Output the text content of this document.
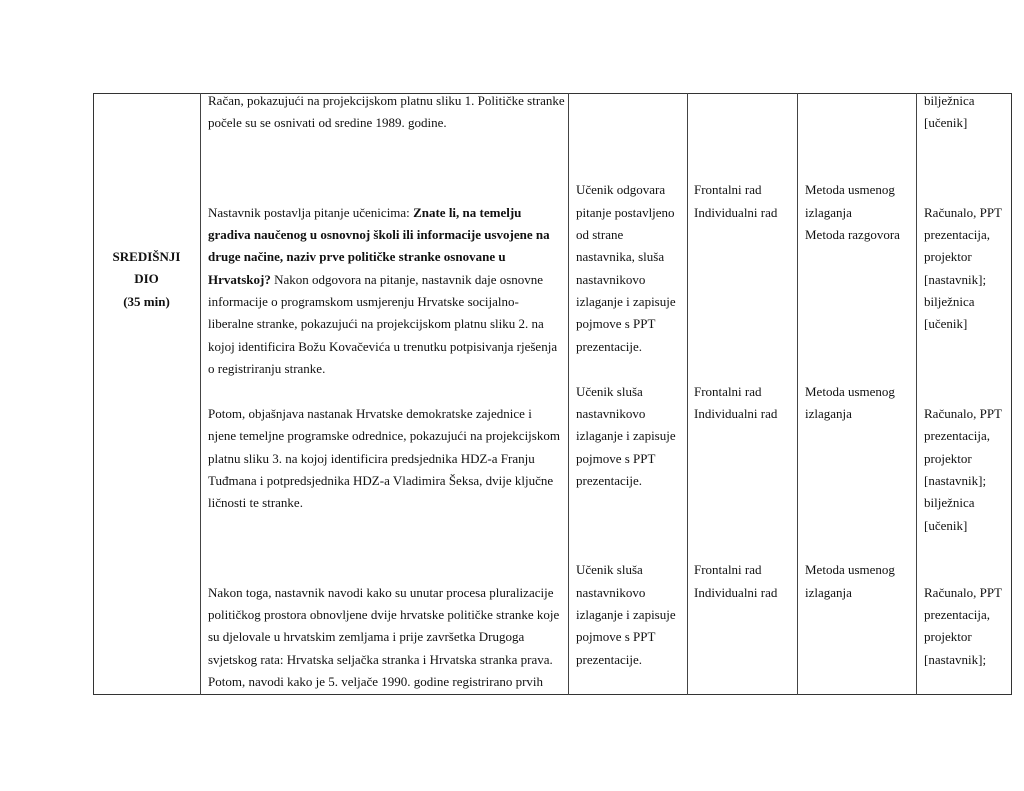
SREDIŠNJI
DIO
(35 min)
Račan, pokazujući na projekcijskom platnu sliku 1. Političke stranke
počele su se osnivati od sredine 1989. godine.
Nastavnik postavlja pitanje učenicima: Znate li, na temelju
gradiva naučenog u osnovnoj školi ili informacije usvojene na
druge načine, naziv prve političke stranke osnovane u
Hrvatskoj? Nakon odgovora na pitanje, nastavnik daje osnovne
informacije o programskom usmjerenju Hrvatske socijalno-
liberalne stranke, pokazujući na projekcijskom platnu sliku 2. na
kojoj identificira Božu Kovačevića u trenutku potpisivanja rješenja
o registriranju stranke.
Potom, objašnjava nastanak Hrvatske demokratske zajednice i
njene temeljne programske odrednice, pokazujući na projekcijskom
platnu sliku 3. na kojoj identificira predsjednika HDZ-a Franju
Tuđmana i potpredsjednika HDZ-a Vladimira Šeksa, dvije ključne
ličnosti te stranke.
Nakon toga, nastavnik navodi kako su unutar procesa pluralizacije
političkog prostora obnovljene dvije hrvatske političke stranke koje
su djelovale u hrvatskim zemljama i prije završetka Drugoga
svjetskog rata: Hrvatska seljačka stranka i Hrvatska stranka prava.
Potom, navodi kako je 5. veljače 1990. godine registrirano prvih
Učenik odgovara
pitanje postavljeno
od strane
nastavnika, sluša
nastavnikovo
izlaganje i zapisuje
pojmove s PPT
prezentacije.
Učenik sluša
nastavnikovo
izlaganje i zapisuje
pojmove s PPT
prezentacije.
Učenik sluša
nastavnikovo
izlaganje i zapisuje
pojmove s PPT
prezentacije.
Frontalni rad
Individualni rad
Frontalni rad
Individualni rad
Frontalni rad
Individualni rad
Metoda usmenog
izlaganja
Metoda razgovora
Metoda usmenog
izlaganja
Metoda usmenog
izlaganja
bilježnica
[učenik]
Računalo, PPT
prezentacija,
projektor
[nastavnik];
bilježnica
[učenik]
Računalo, PPT
prezentacija,
projektor
[nastavnik];
bilježnica
[učenik]
Računalo, PPT
prezentacija,
projektor
[nastavnik];
